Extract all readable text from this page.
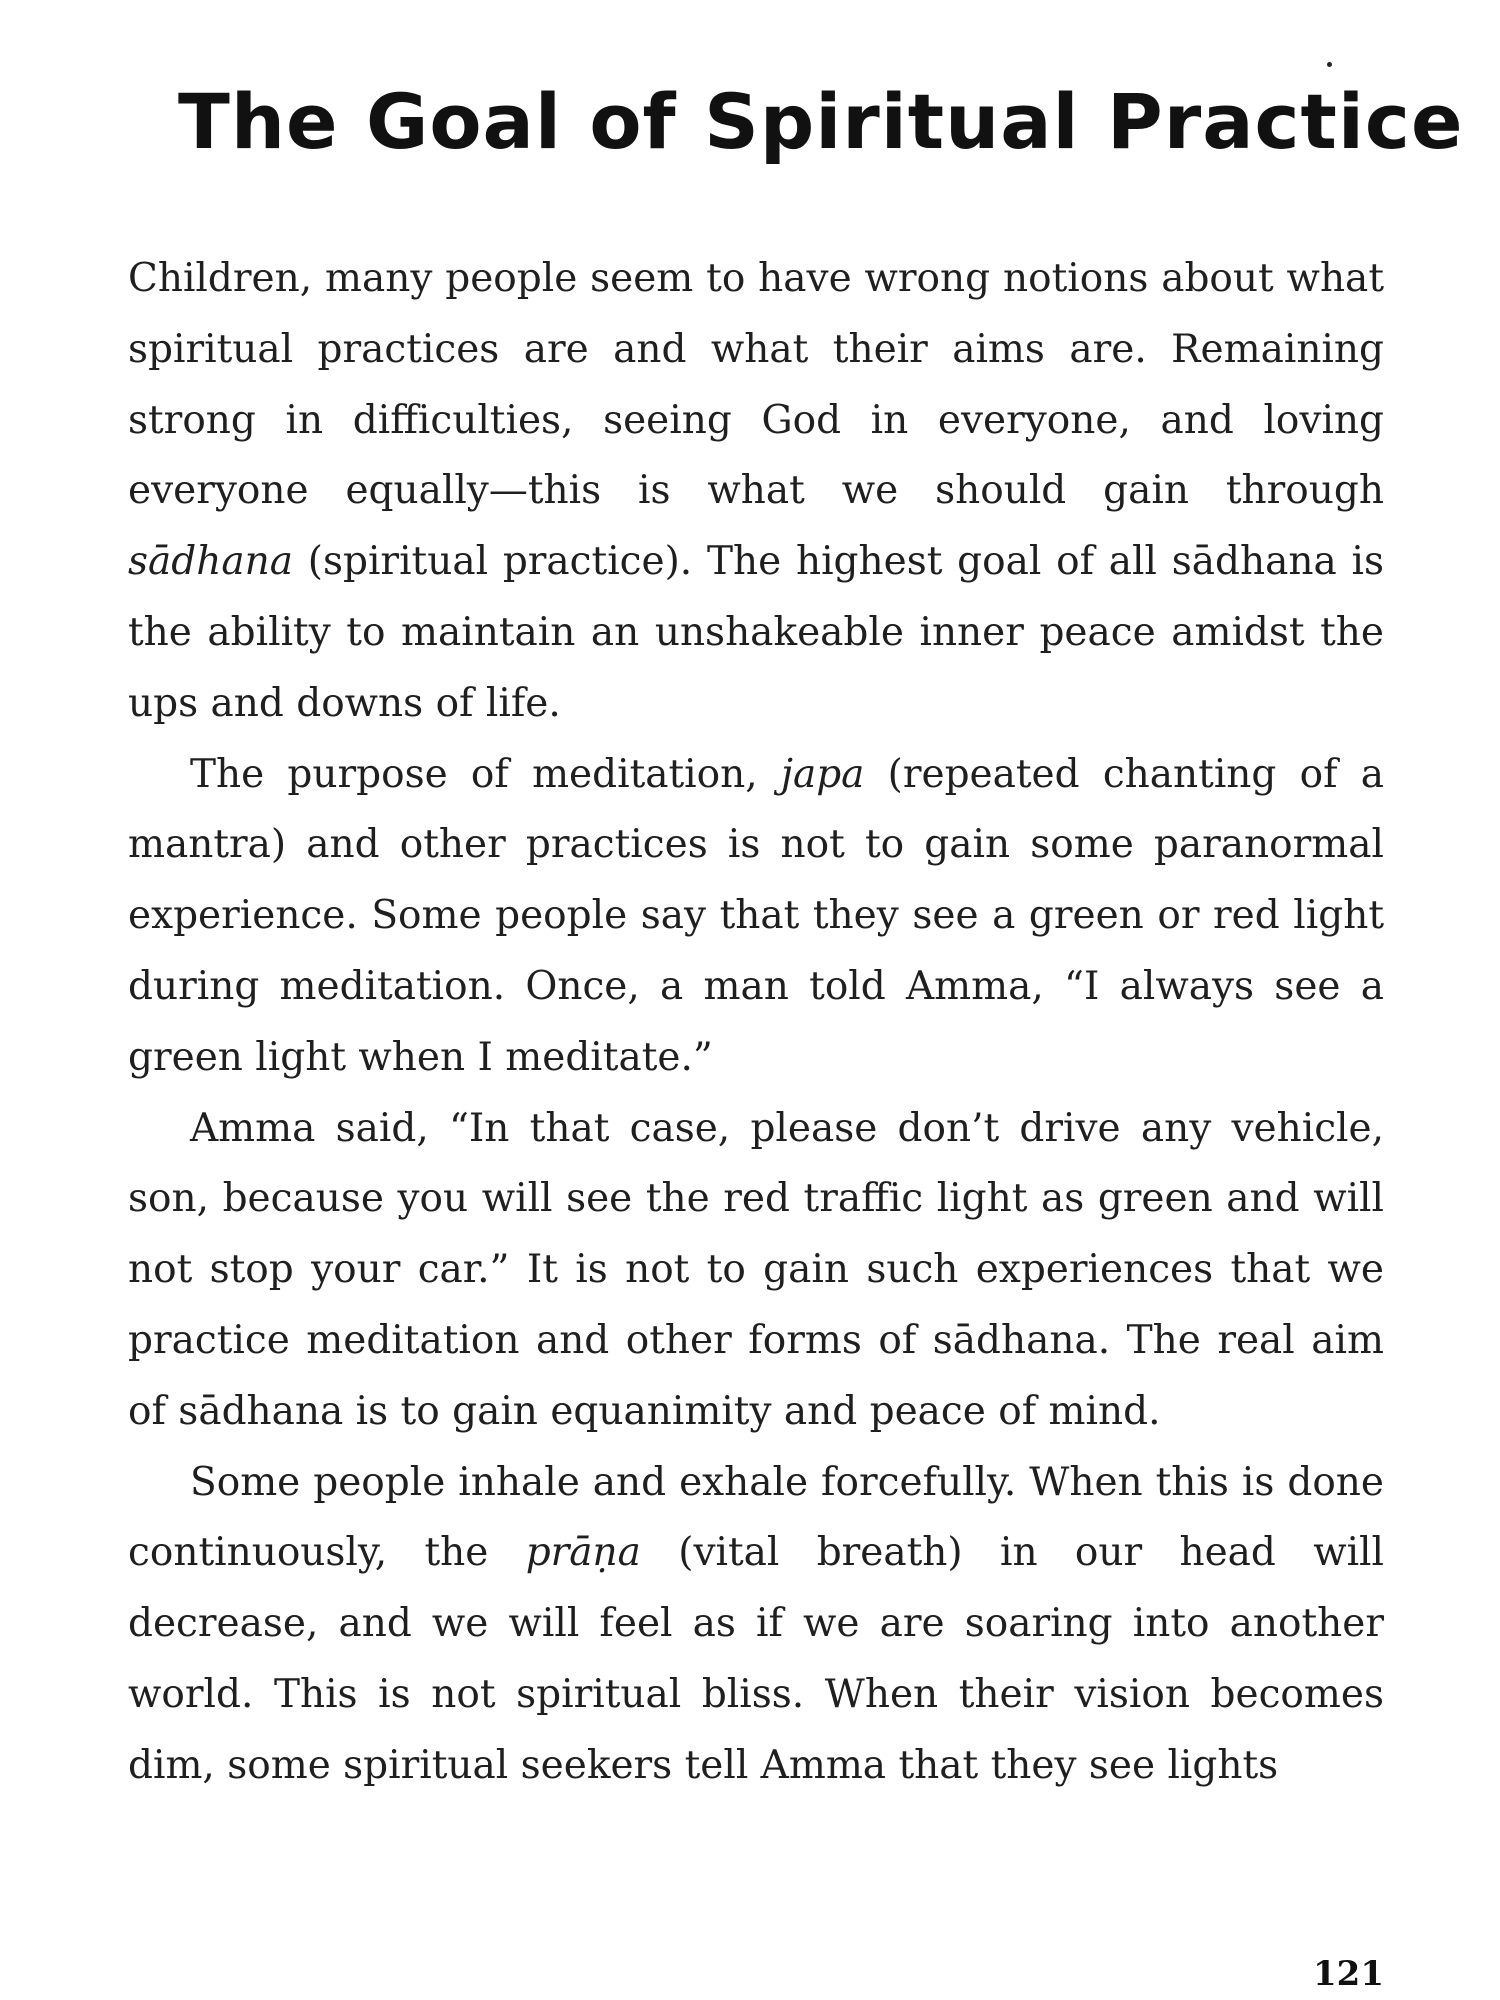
The Goal of Spiritual Practice

Children, many people seem to have wrong notions about what spiritual practices are and what their aims are. Remaining strong in difficulties, seeing God in everyone, and loving everyone equally—this is what we should gain through sādhana (spiritual practice). The highest goal of all sādhana is the ability to maintain an unshakeable inner peace amidst the ups and downs of life.

The purpose of meditation, japa (repeated chanting of a mantra) and other practices is not to gain some paranormal experience. Some people say that they see a green or red light during meditation. Once, a man told Amma, “I always see a green light when I meditate.”

Amma said, “In that case, please don’t drive any vehicle, son, because you will see the red traffic light as green and will not stop your car.” It is not to gain such experiences that we practice meditation and other forms of sādhana. The real aim of sādhana is to gain equanimity and peace of mind.

Some people inhale and exhale forcefully. When this is done continuously, the prāṇa (vital breath) in our head will decrease, and we will feel as if we are soaring into another world. This is not spiritual bliss. When their vision becomes dim, some spiritual seekers tell Amma that they see lights

121
